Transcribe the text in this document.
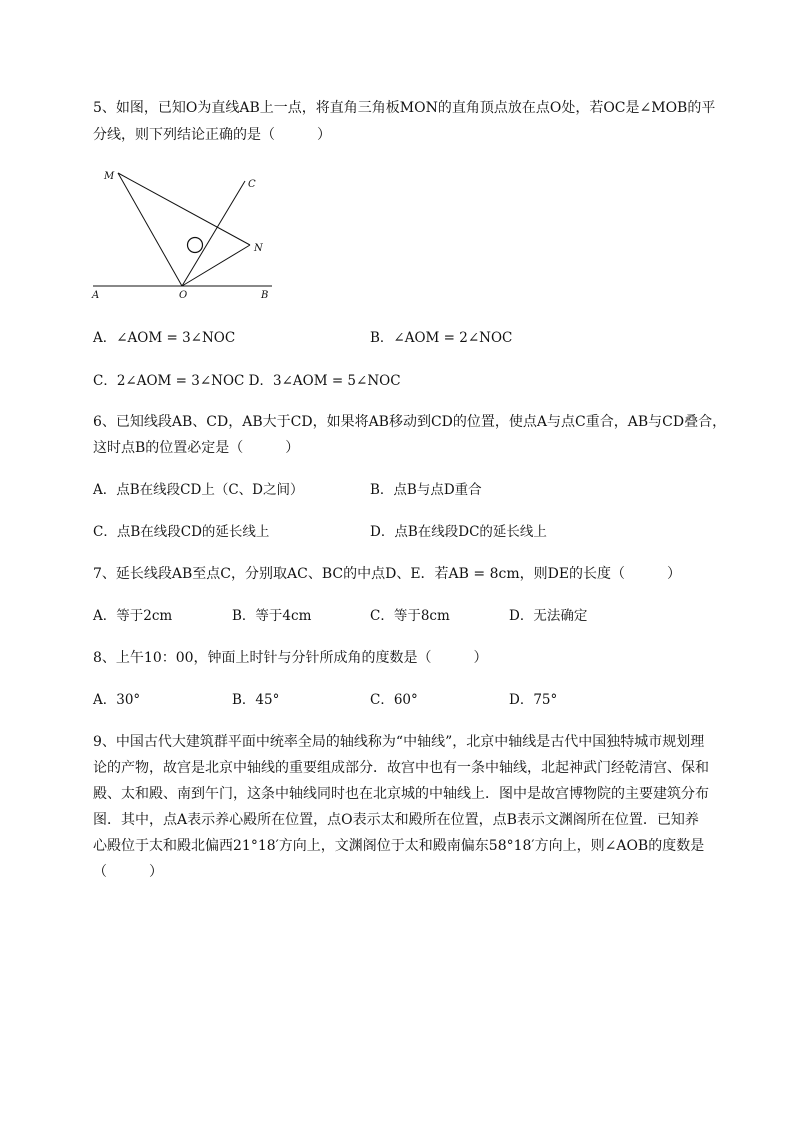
5、如图，已知O为直线AB上一点，将直角三角板MON的直角顶点放在点O处，若OC是∠MOB的平
分线，则下列结论正确的是（　　　）
M
C
N
A	O	B
A．∠AOM = 3∠NOC	B．∠AOM = 2∠NOC
C．2∠AOM = 3∠NOC D．3∠AOM = 5∠NOC
6、已知线段AB、CD，AB大于CD，如果将AB移动到CD的位置，使点A与点C重合，AB与CD叠合，
这时点B的位置必定是（　　　）
A．点B在线段CD上（C、D之间）	B．点B与点D重合
C．点B在线段CD的延长线上	D．点B在线段DC的延长线上
7、延长线段AB至点C，分别取AC、BC的中点D、E．若AB = 8cm，则DE的长度（　　　）
A．等于2cm	B．等于4cm	C．等于8cm	D．无法确定
8、上午10：00，钟面上时针与分针所成角的度数是（　　　）
A．30°	B．45°	C．60°	D．75°
9、中国古代大建筑群平面中统率全局的轴线称为“中轴线”，北京中轴线是古代中国独特城市规划理
论的产物，故宫是北京中轴线的重要组成部分．故宫中也有一条中轴线，北起神武门经乾清宫、保和
殿、太和殿、南到午门，这条中轴线同时也在北京城的中轴线上．图中是故宫博物院的主要建筑分布
图．其中，点A表示养心殿所在位置，点O表示太和殿所在位置，点B表示文渊阁所在位置．已知养
心殿位于太和殿北偏西21°18′方向上，文渊阁位于太和殿南偏东58°18′方向上，则∠AOB的度数是
（　　　）
